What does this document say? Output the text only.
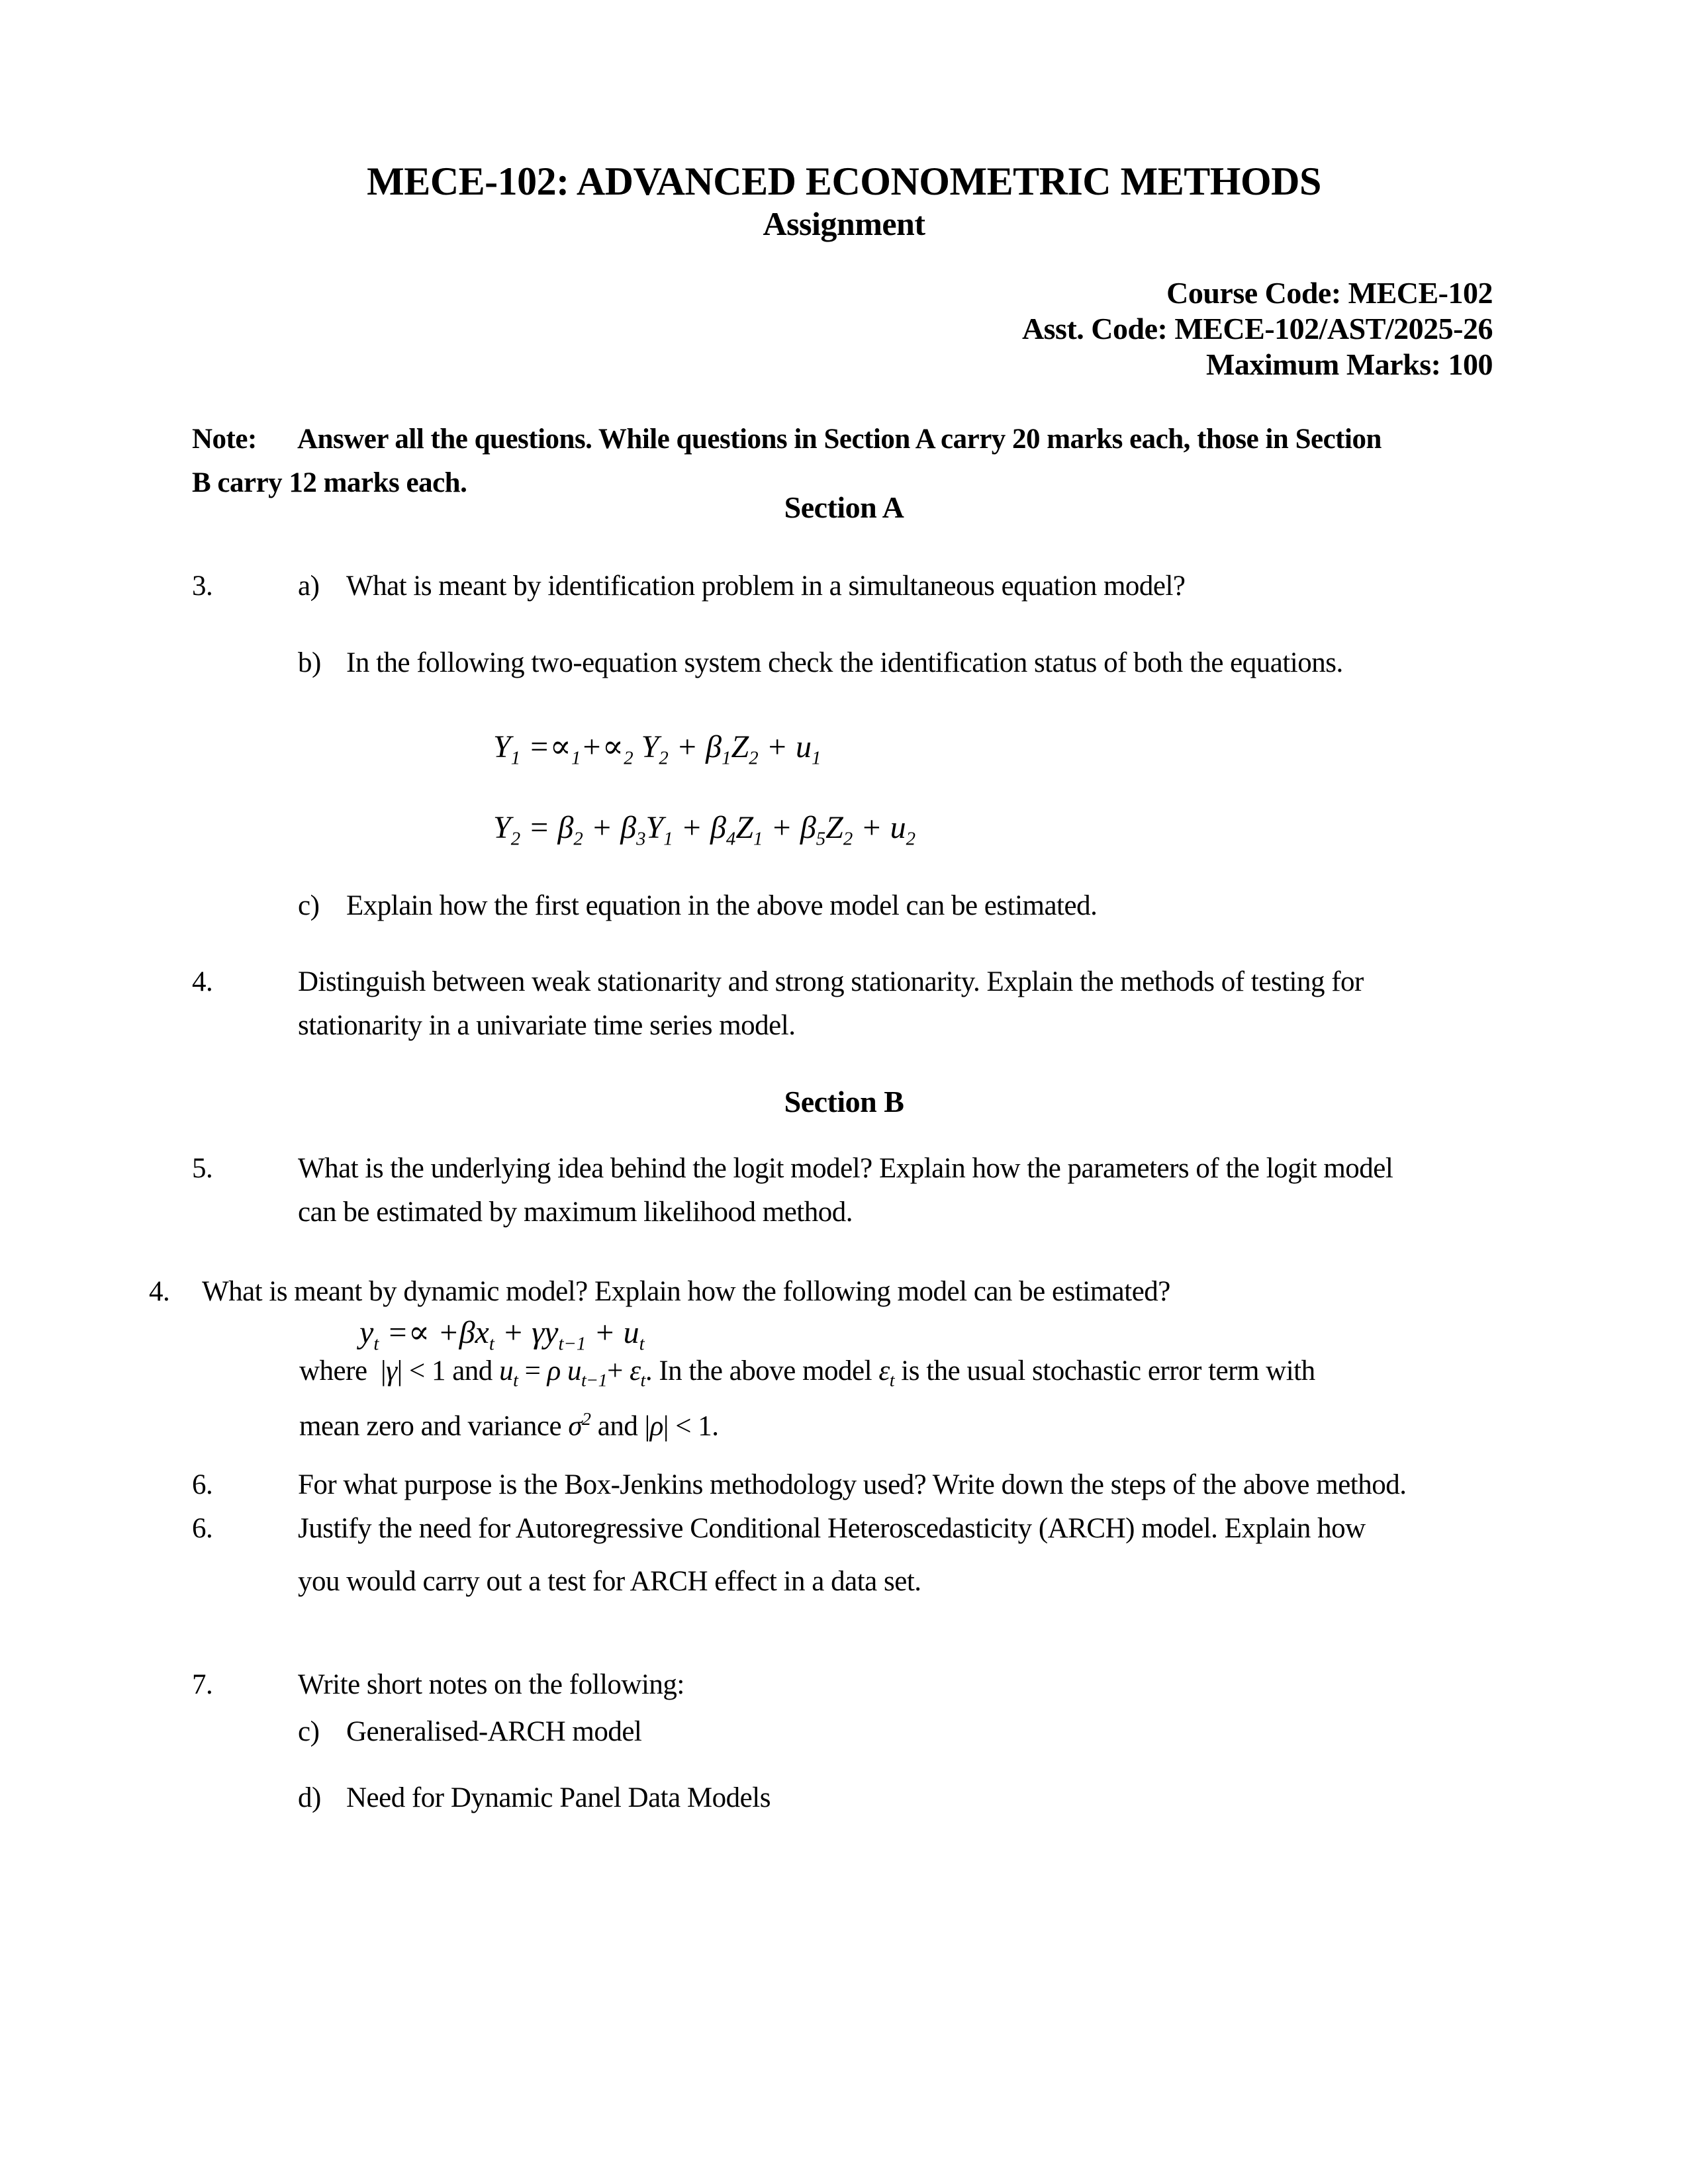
MECE-102: ADVANCED ECONOMETRIC METHODS
Assignment
Course Code: MECE-102
Asst. Code: MECE-102/AST/2025-26
Maximum Marks: 100
Note: Answer all the questions. While questions in Section A carry 20 marks each, those in Section
B carry 12 marks each.
Section A
3.	a) What is meant by identification problem in a simultaneous equation model?
b) In the following two-equation system check the identification status of both the equations.
$Y_1 =\propto_1+\propto_2$ $Y_2 + \beta_1Z_2 + u_1$
$Y_2 = \beta_2 + \beta_3Y_1 + \beta_4Z_1 + \beta_5Z_2 + u_2$
c) Explain how the first equation in the above model can be estimated.
4.	Distinguish between weak stationarity and strong stationarity. Explain the methods of testing for
stationarity in a univariate time series model.
Section B
5.	What is the underlying idea behind the logit model? Explain how the parameters of the logit model
can be estimated by maximum likelihood method.
4. What is meant by dynamic model? Explain how the following model can be estimated?
$y_t =\propto +\beta x_t + \gamma y_{t-1} + u_t$
where  |γ| < 1 and $u_t = \rho$ $u_{t-1}+ \varepsilon_t$. In the above model $\varepsilon_t$ is the usual stochastic error term with
mean zero and variance $\sigma^2$ and |ρ| < 1.
6.	For what purpose is the Box-Jenkins methodology used? Write down the steps of the above method.
6.	Justify the need for Autoregressive Conditional Heteroscedasticity (ARCH) model. Explain how
you would carry out a test for ARCH effect in a data set.
7.	Write short notes on the following:
c) Generalised-ARCH model
d) Need for Dynamic Panel Data Models
